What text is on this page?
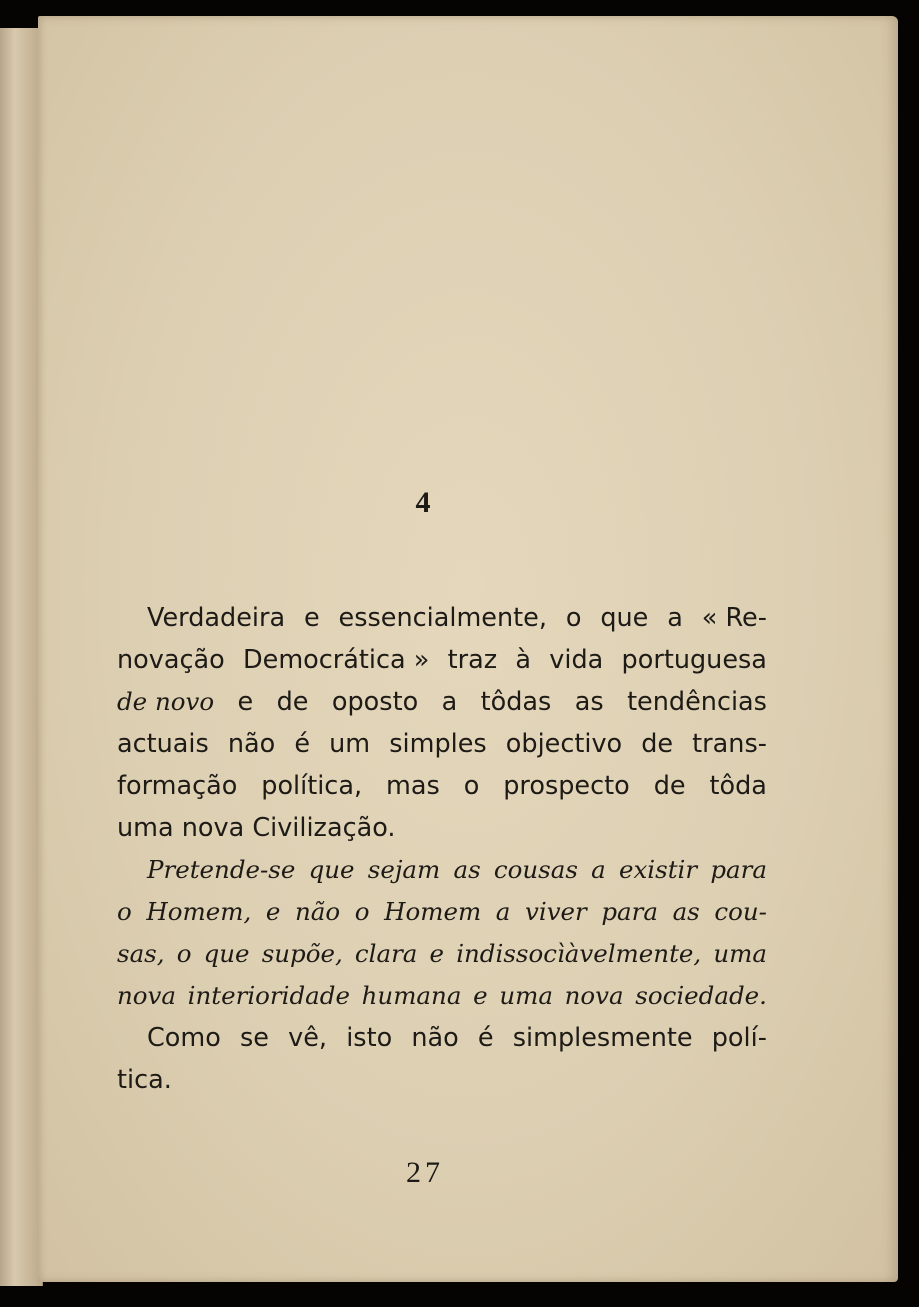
4
Verdadeira e essencialmente, o que a « Re-
novação Democrática » traz à vida portuguesa
de novo e de oposto a tôdas as tendências
actuais não é um simples objectivo de trans-
formação política, mas o prospecto de tôda
uma nova Civilização.
Pretende-se que sejam as cousas a existir para
o Homem, e não o Homem a viver para as cou-
sas, o que supõe, clara e indissocìàvelmente, uma
nova interioridade humana e uma nova sociedade.
Como se vê, isto não é simplesmente polí-
tica.
27
